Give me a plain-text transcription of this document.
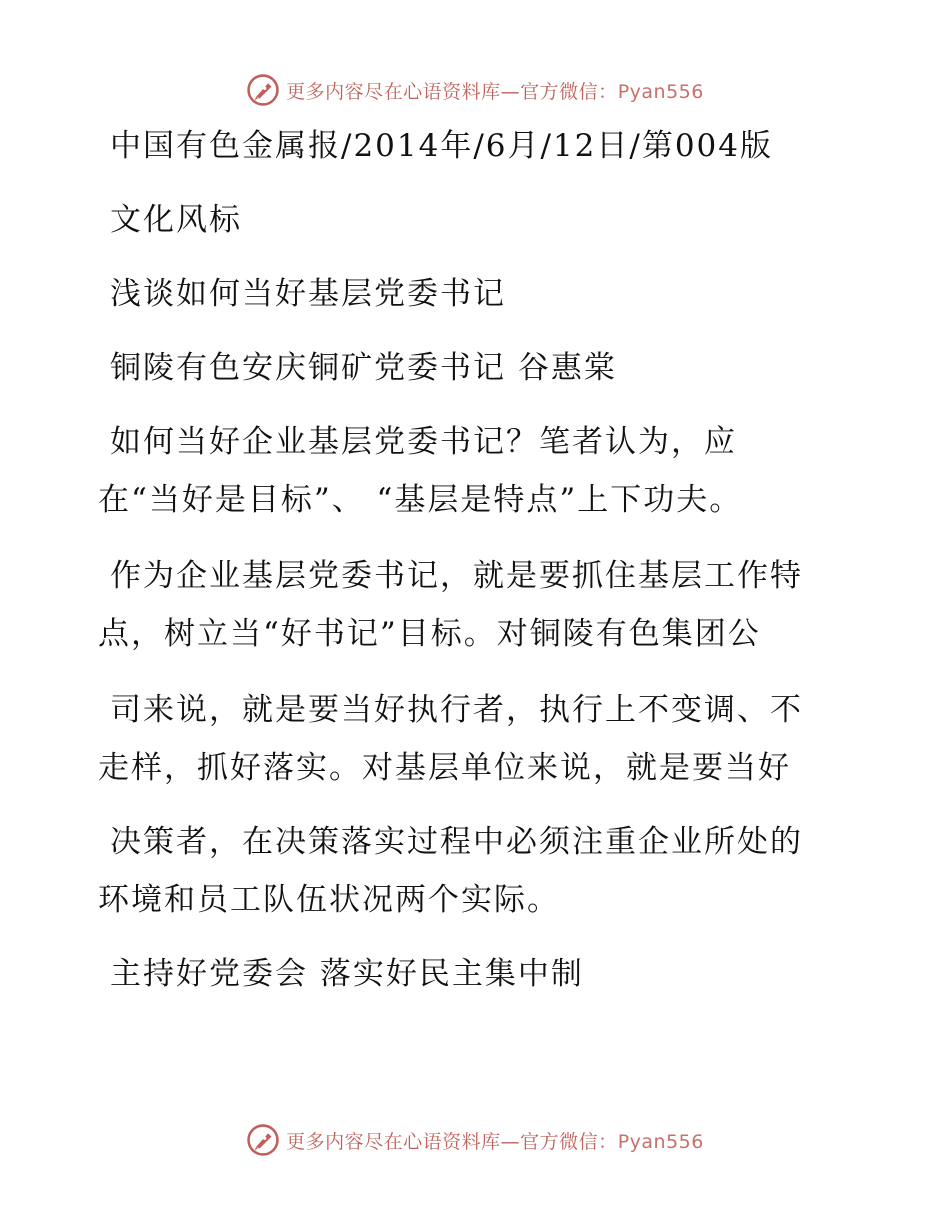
更多内容尽在心语资料库—官方微信：Pyan556
中国有色金属报/2014年/6月/12日/第004版
文化风标
浅谈如何当好基层党委书记
铜陵有色安庆铜矿党委书记 谷惠棠
如何当好企业基层党委书记？笔者认为，应
在“当好是目标”、 “基层是特点”上下功夫。
作为企业基层党委书记，就是要抓住基层工作特
点，树立当“好书记”目标。对铜陵有色集团公
司来说，就是要当好执行者，执行上不变调、不
走样，抓好落实。对基层单位来说，就是要当好
决策者，在决策落实过程中必须注重企业所处的
环境和员工队伍状况两个实际。
主持好党委会 落实好民主集中制
更多内容尽在心语资料库—官方微信：Pyan556
